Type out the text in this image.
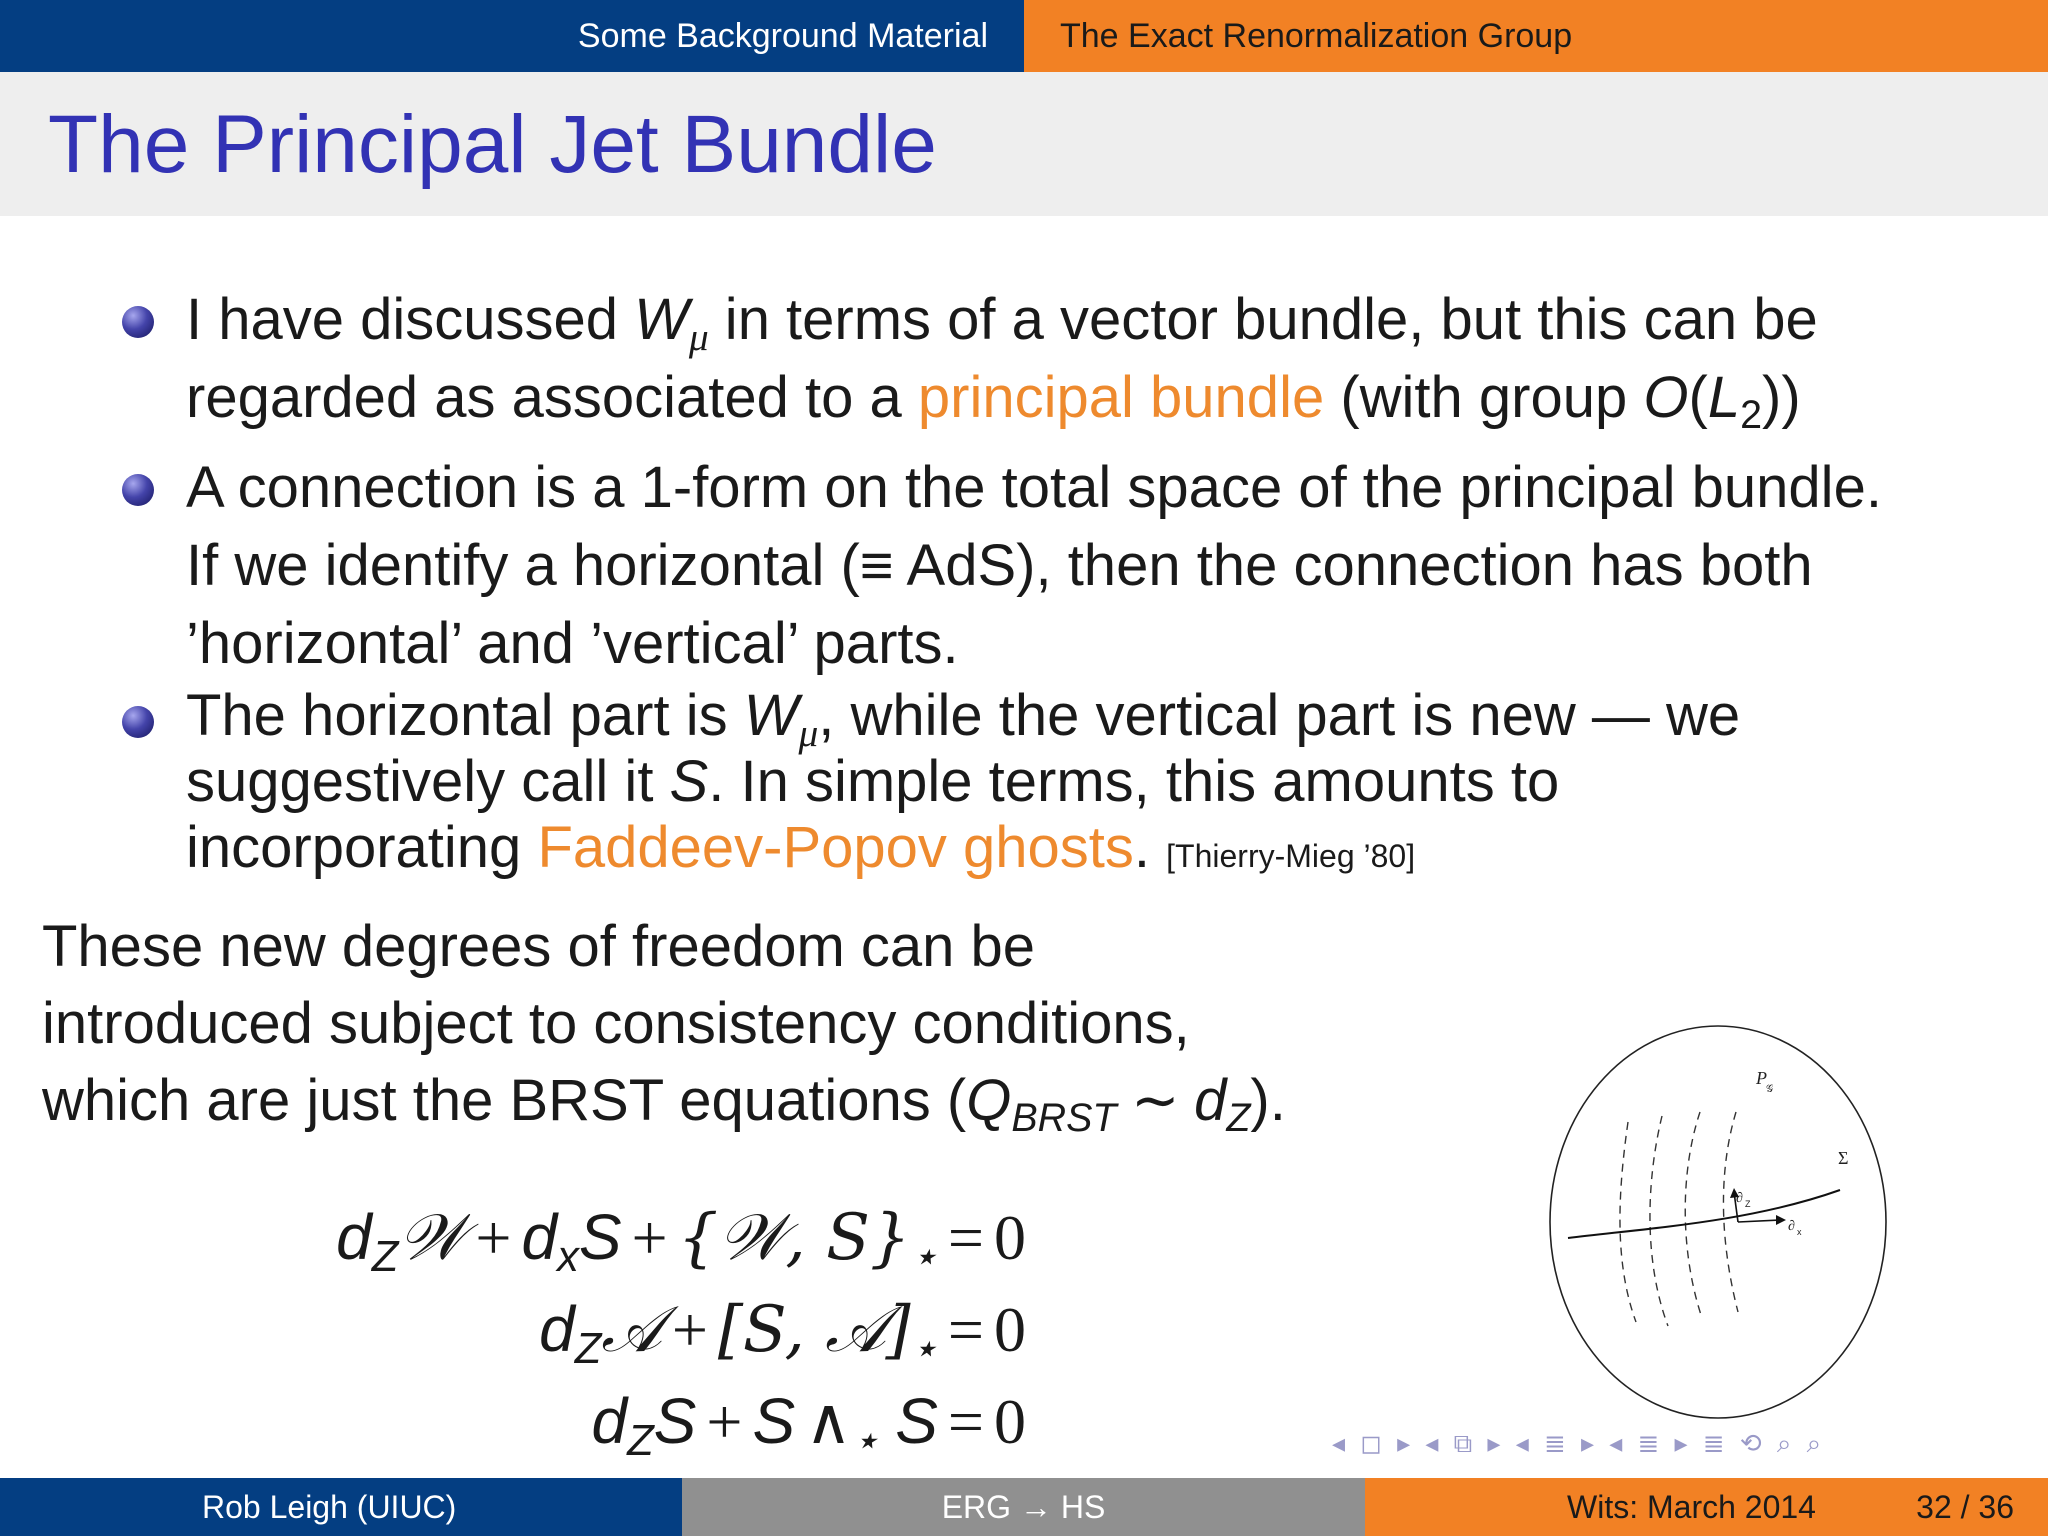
Some Background Material	The Exact Renormalization Group
The Principal Jet Bundle
I have discussed $W_\mu$ in terms of a vector bundle, but this can be
regarded as associated to a principal bundle (with group $O(L_2)$)
A connection is a 1-form on the total space of the principal bundle.
If we identify a horizontal (≡ AdS), then the connection has both
’horizontal’ and ’vertical’ parts.
The horizontal part is $W_\mu$, while the vertical part is new — we
suggestively call it S. In simple terms, this amounts to
incorporating Faddeev-Popov ghosts. [Thierry-Mieg ’80]
These new degrees of freedom can be
introduced subject to consistency conditions,
which are just the BRST equations ($Q_{BRST}$ ∼ $d_Z$).
$d_Z𝒲 + d_xS$ + {𝒲, $S\}_⋆ = 0$
$d_Z𝒜 + [S$, $𝒜]_⋆ = 0$
$d_ZS + S$ $\wedge_⋆$ S = 0
P
𝒢
Σ
∂ Z
∂ x
◂ ◻ ▸ ◂ ⧉ ▸ ◂ ≣ ▸ ◂ ≣ ▸ ≣ ⟲ ⌕ ⌕
Rob Leigh (UIUC)	ERG → HS	Wits: March 2014	32 / 36
